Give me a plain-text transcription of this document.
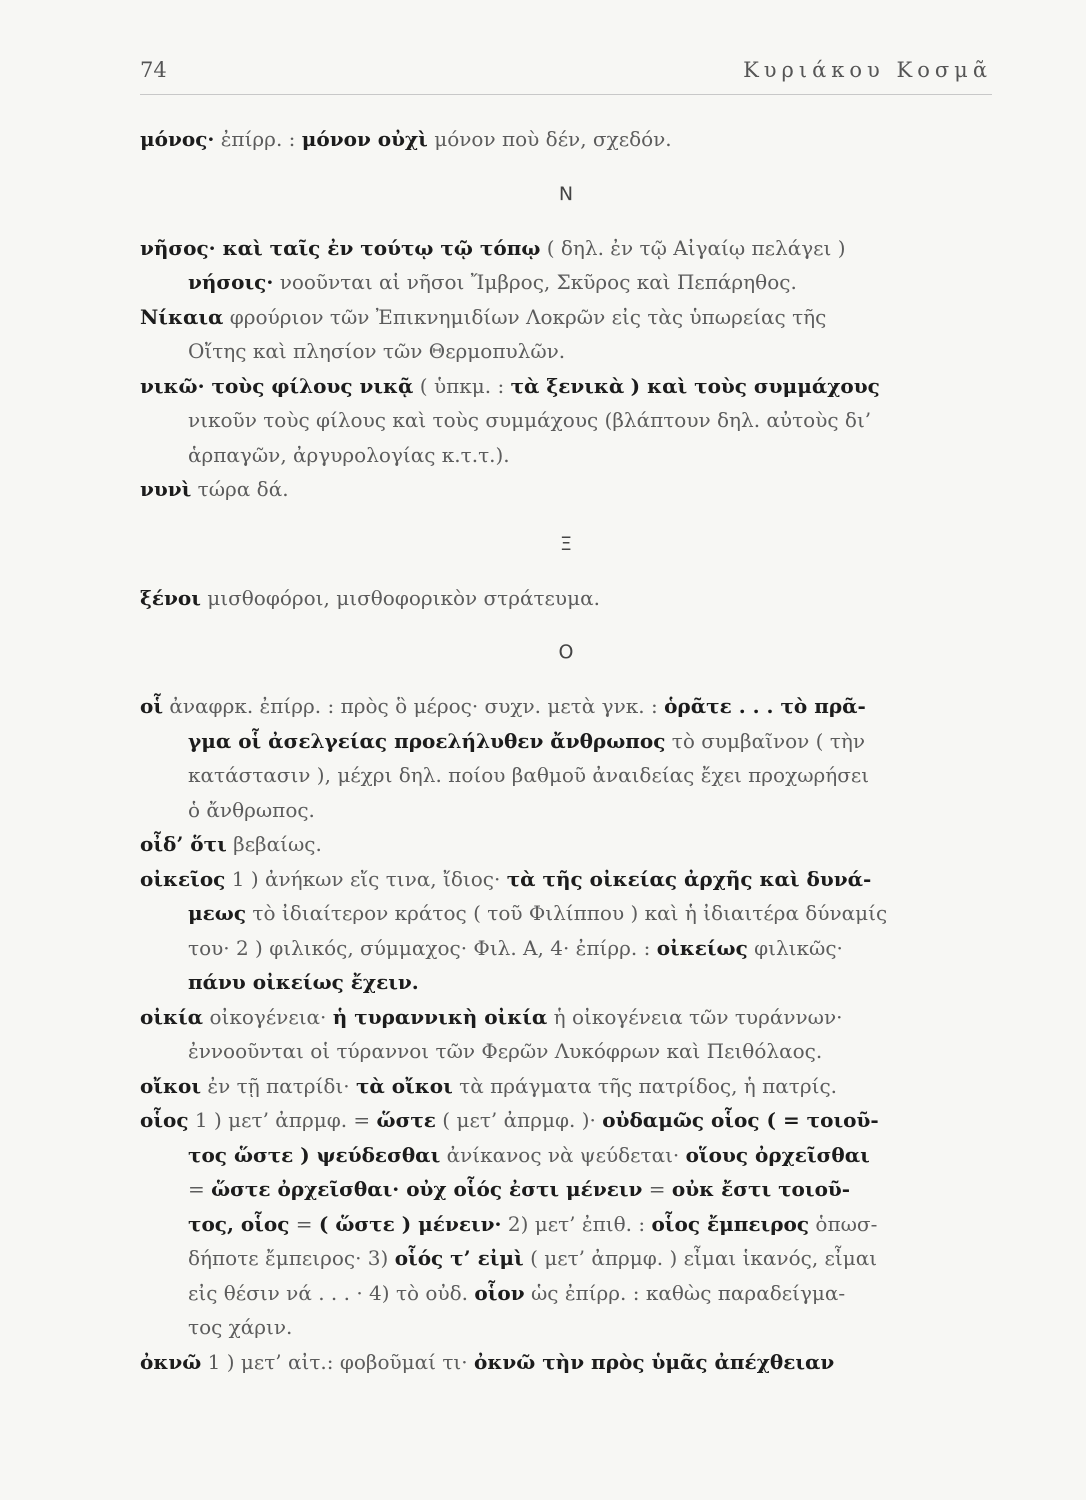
74	Κυριάκου Κοσμᾶ

μόνος· ἐπίρρ. : μόνον οὐχὶ μόνον ποὺ δέν, σχεδόν.

Ν

νῆσος· καὶ ταῖς ἐν τούτῳ τῷ τόπῳ ( δηλ. ἐν τῷ Αἰγαίῳ πελάγει )
νήσοις· νοοῦνται αἱ νῆσοι Ἴμβρος, Σκῦρος καὶ Πεπάρηθος.

Νίκαια φρούριον τῶν Ἐπικνημιδίων Λοκρῶν εἰς τὰς ὑπωρείας τῆς
Οἴτης καὶ πλησίον τῶν Θερμοπυλῶν.

νικῶ· τοὺς φίλους νικᾷ ( ὑπκμ. : τὰ ξενικὰ ) καὶ τοὺς συμμάχους
νικοῦν τοὺς φίλους καὶ τοὺς συμμάχους (βλάπτουν δηλ. αὐτοὺς δι’
ἁρπαγῶν, ἀργυρολογίας κ.τ.τ.).

νυνὶ τώρα δά.

Ξ

ξένοι μισθοφόροι, μισθοφορικὸν στράτευμα.

Ο

οἷ ἀναφρκ. ἐπίρρ. : πρὸς ὃ μέρος· συχν. μετὰ γνκ. : ὁρᾶτε . . . τὸ πρᾶ-
γμα οἷ ἀσελγείας προελήλυθεν ἄνθρωπος τὸ συμβαῖνον ( τὴν
κατάστασιν ), μέχρι δηλ. ποίου βαθμοῦ ἀναιδείας ἔχει προχωρήσει
ὁ ἄνθρωπος.

οἶδ’ ὅτι βεβαίως.

οἰκεῖος 1 ) ἀνήκων εἴς τινα, ἴδιος· τὰ τῆς οἰκείας ἀρχῆς καὶ δυνά-
μεως τὸ ἰδιαίτερον κράτος ( τοῦ Φιλίππου ) καὶ ἡ ἰδιαιτέρα δύναμίς
του· 2 ) φιλικός, σύμμαχος· Φιλ. Α, 4· ἐπίρρ. : οἰκείως φιλικῶς·
πάνυ οἰκείως ἔχειν.

οἰκία οἰκογένεια· ἡ τυραννικὴ οἰκία ἡ οἰκογένεια τῶν τυράννων·
ἐννοοῦνται οἱ τύραννοι τῶν Φερῶν Λυκόφρων καὶ Πειθόλαος.

οἴκοι ἐν τῇ πατρίδι· τὰ οἴκοι τὰ πράγματα τῆς πατρίδος, ἡ πατρίς.

οἷος 1 ) μετ’ ἀπρμφ. = ὥστε ( μετ’ ἀπρμφ. )· οὐδαμῶς οἷος ( = τοιοῦ-
τος ὥστε ) ψεύδεσθαι ἀνίκανος νὰ ψεύδεται· οἵους ὀρχεῖσθαι
= ὥστε ὀρχεῖσθαι· οὐχ οἷός ἐστι μένειν = οὐκ ἔστι τοιοῦ-
τος, οἷος = ( ὥστε ) μένειν· 2) μετ’ ἐπιθ. : οἷος ἔμπειρος ὁπωσ-
δήποτε ἔμπειρος· 3) οἷός τ’ εἰμὶ ( μετ’ ἀπρμφ. ) εἶμαι ἱκανός, εἶμαι
εἰς θέσιν νά . . . · 4) τὸ οὐδ. οἷον ὡς ἐπίρρ. : καθὼς παραδείγμα-
τος χάριν.

ὀκνῶ 1 ) μετ’ αἰτ.: φοβοῦμαί τι· ὀκνῶ τὴν πρὸς ὑμᾶς ἀπέχθειαν
